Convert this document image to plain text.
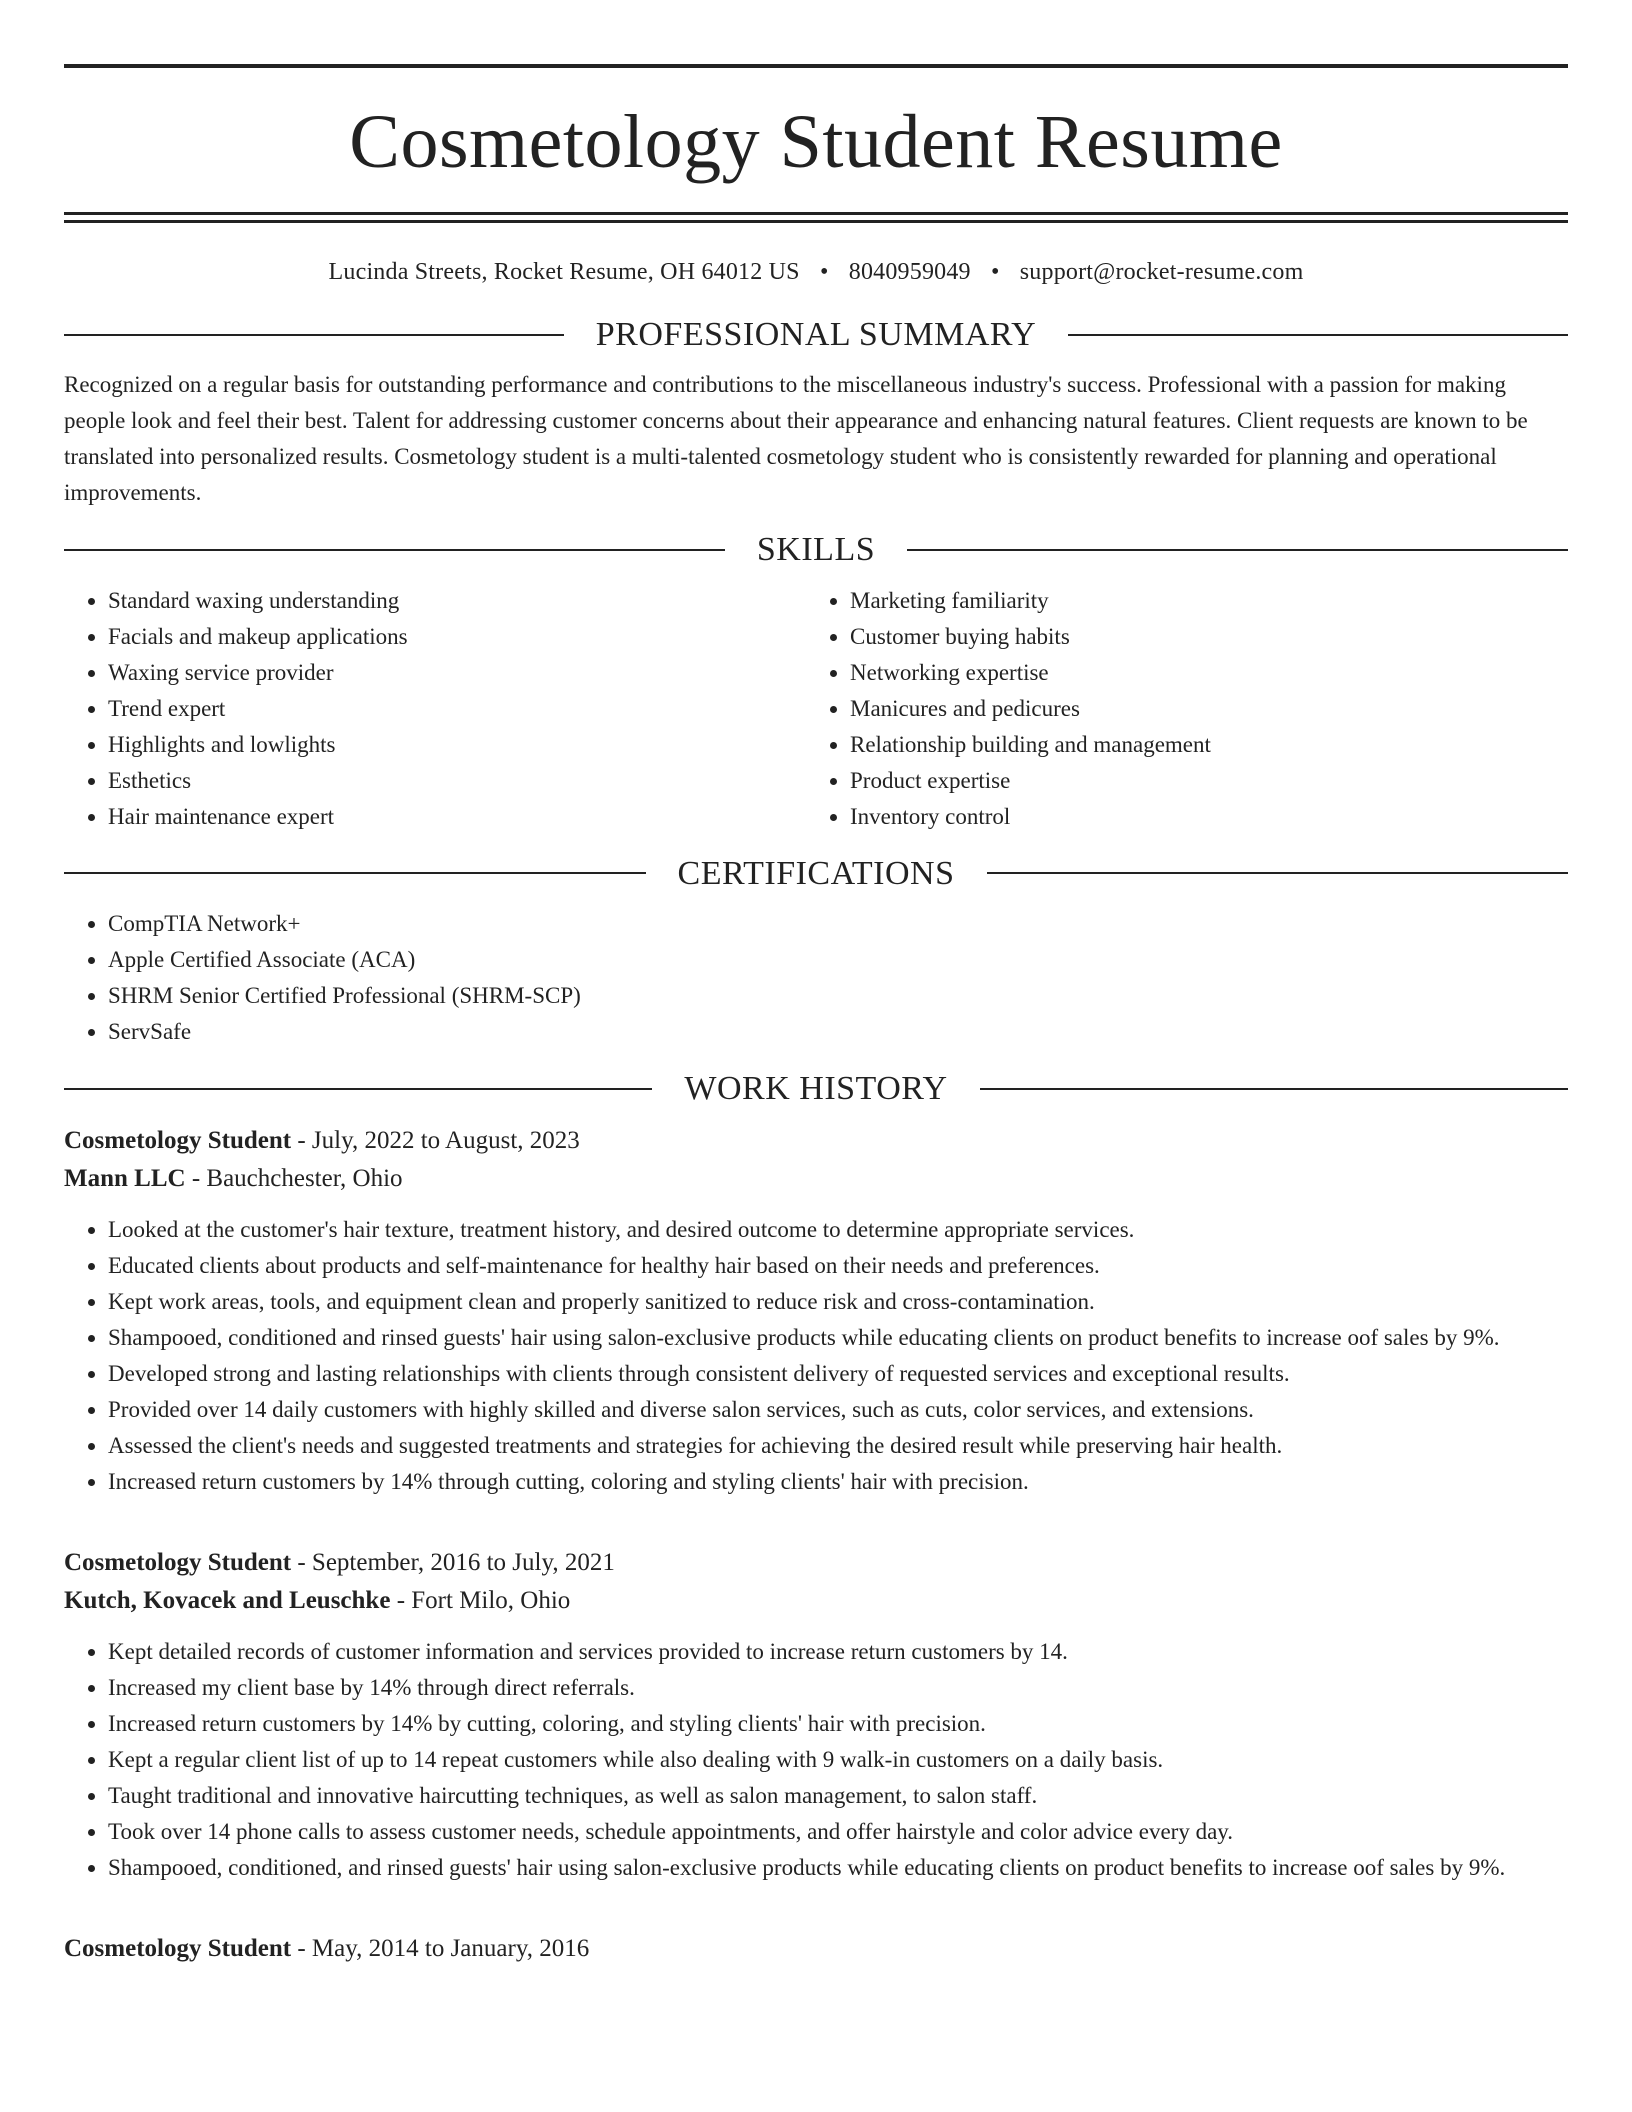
Cosmetology Student Resume
Lucinda Streets, Rocket Resume, OH 64012 US • 8040959049 • support@rocket-resume.com
PROFESSIONAL SUMMARY

Recognized on a regular basis for outstanding performance and contributions to the miscellaneous industry's success. Professional with a passion for making people look and feel their best. Talent for addressing customer concerns about their appearance and enhancing natural features. Client requests are known to be translated into personalized results. Cosmetology student is a multi-talented cosmetology student who is consistently rewarded for planning and operational improvements.

SKILLS
• Standard waxing understanding
• Facials and makeup applications
• Waxing service provider
• Trend expert
• Highlights and lowlights
• Esthetics
• Hair maintenance expert
• Marketing familiarity
• Customer buying habits
• Networking expertise
• Manicures and pedicures
• Relationship building and management
• Product expertise
• Inventory control
CERTIFICATIONS
• CompTIA Network+
• Apple Certified Associate (ACA)
• SHRM Senior Certified Professional (SHRM-SCP)
• ServSafe
WORK HISTORY
Cosmetology Student - July, 2022 to August, 2023
Mann LLC - Bauchchester, Ohio
• Looked at the customer's hair texture, treatment history, and desired outcome to determine appropriate services.
• Educated clients about products and self-maintenance for healthy hair based on their needs and preferences.
• Kept work areas, tools, and equipment clean and properly sanitized to reduce risk and cross-contamination.
• Shampooed, conditioned and rinsed guests' hair using salon-exclusive products while educating clients on product benefits to increase oof sales by 9%.
• Developed strong and lasting relationships with clients through consistent delivery of requested services and exceptional results.
• Provided over 14 daily customers with highly skilled and diverse salon services, such as cuts, color services, and extensions.
• Assessed the client's needs and suggested treatments and strategies for achieving the desired result while preserving hair health.
• Increased return customers by 14% through cutting, coloring and styling clients' hair with precision.
Cosmetology Student - September, 2016 to July, 2021
Kutch, Kovacek and Leuschke - Fort Milo, Ohio
• Kept detailed records of customer information and services provided to increase return customers by 14.
• Increased my client base by 14% through direct referrals.
• Increased return customers by 14% by cutting, coloring, and styling clients' hair with precision.
• Kept a regular client list of up to 14 repeat customers while also dealing with 9 walk-in customers on a daily basis.
• Taught traditional and innovative haircutting techniques, as well as salon management, to salon staff.
• Took over 14 phone calls to assess customer needs, schedule appointments, and offer hairstyle and color advice every day.
• Shampooed, conditioned, and rinsed guests' hair using salon-exclusive products while educating clients on product benefits to increase oof sales by 9%.
Cosmetology Student - May, 2014 to January, 2016
